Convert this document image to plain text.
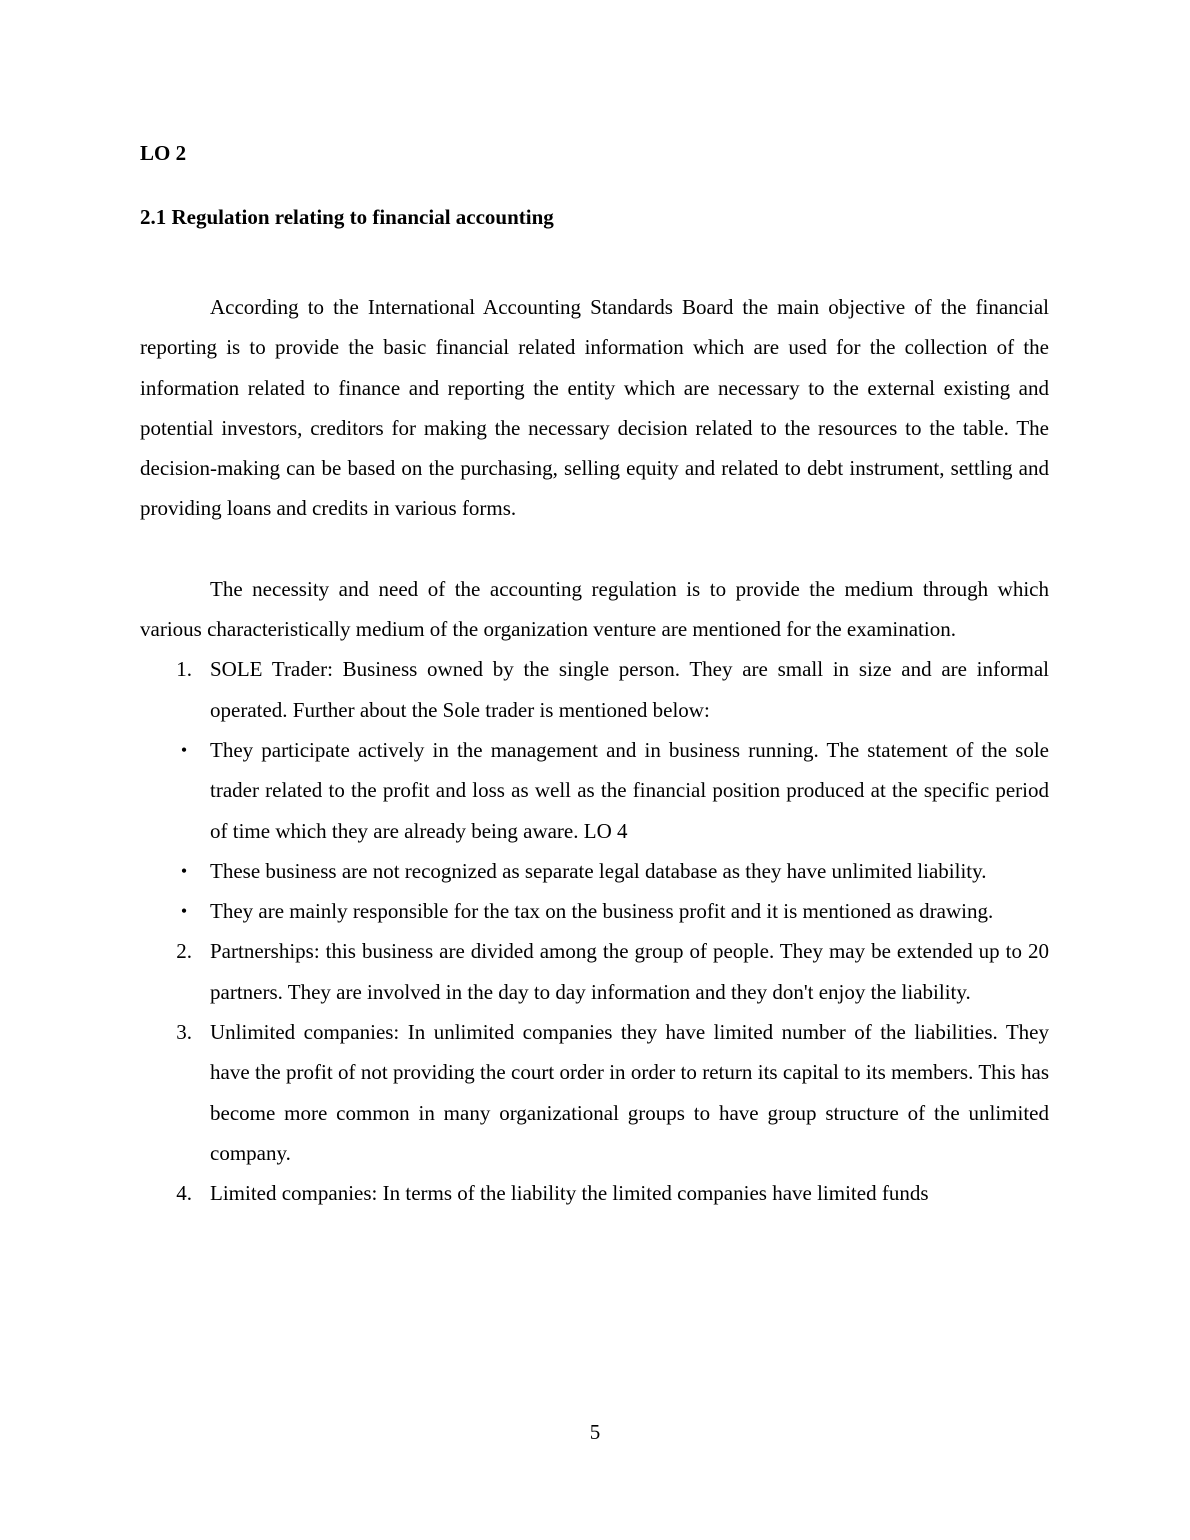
LO 2

2.1 Regulation relating to financial accounting

According to the International Accounting Standards Board the main objective of the financial reporting is to provide the basic financial related information which are used for the collection of the information related to finance and reporting the entity which are necessary to the external existing and potential investors, creditors for making the necessary decision related to the resources to the table. The decision-making can be based on the purchasing, selling equity and related to debt instrument, settling and providing loans and credits in various forms.

The necessity and need of the accounting regulation is to provide the medium through which various characteristically medium of the organization venture are mentioned for the examination.

1. SOLE Trader: Business owned by the single person. They are small in size and are informal operated. Further about the Sole trader is mentioned below:
• They participate actively in the management and in business running. The statement of the sole trader related to the profit and loss as well as the financial position produced at the specific period of time which they are already being aware. LO 4
• These business are not recognized as separate legal database as they have unlimited liability.
• They are mainly responsible for the tax on the business profit and it is mentioned as drawing.
2. Partnerships: this business are divided among the group of people. They may be extended up to 20 partners. They are involved in the day to day information and they don't enjoy the liability.
3. Unlimited companies: In unlimited companies they have limited number of the liabilities. They have the profit of not providing the court order in order to return its capital to its members. This has become more common in many organizational groups to have group structure of the unlimited company.
4. Limited companies: In terms of the liability the limited companies have limited funds
5
